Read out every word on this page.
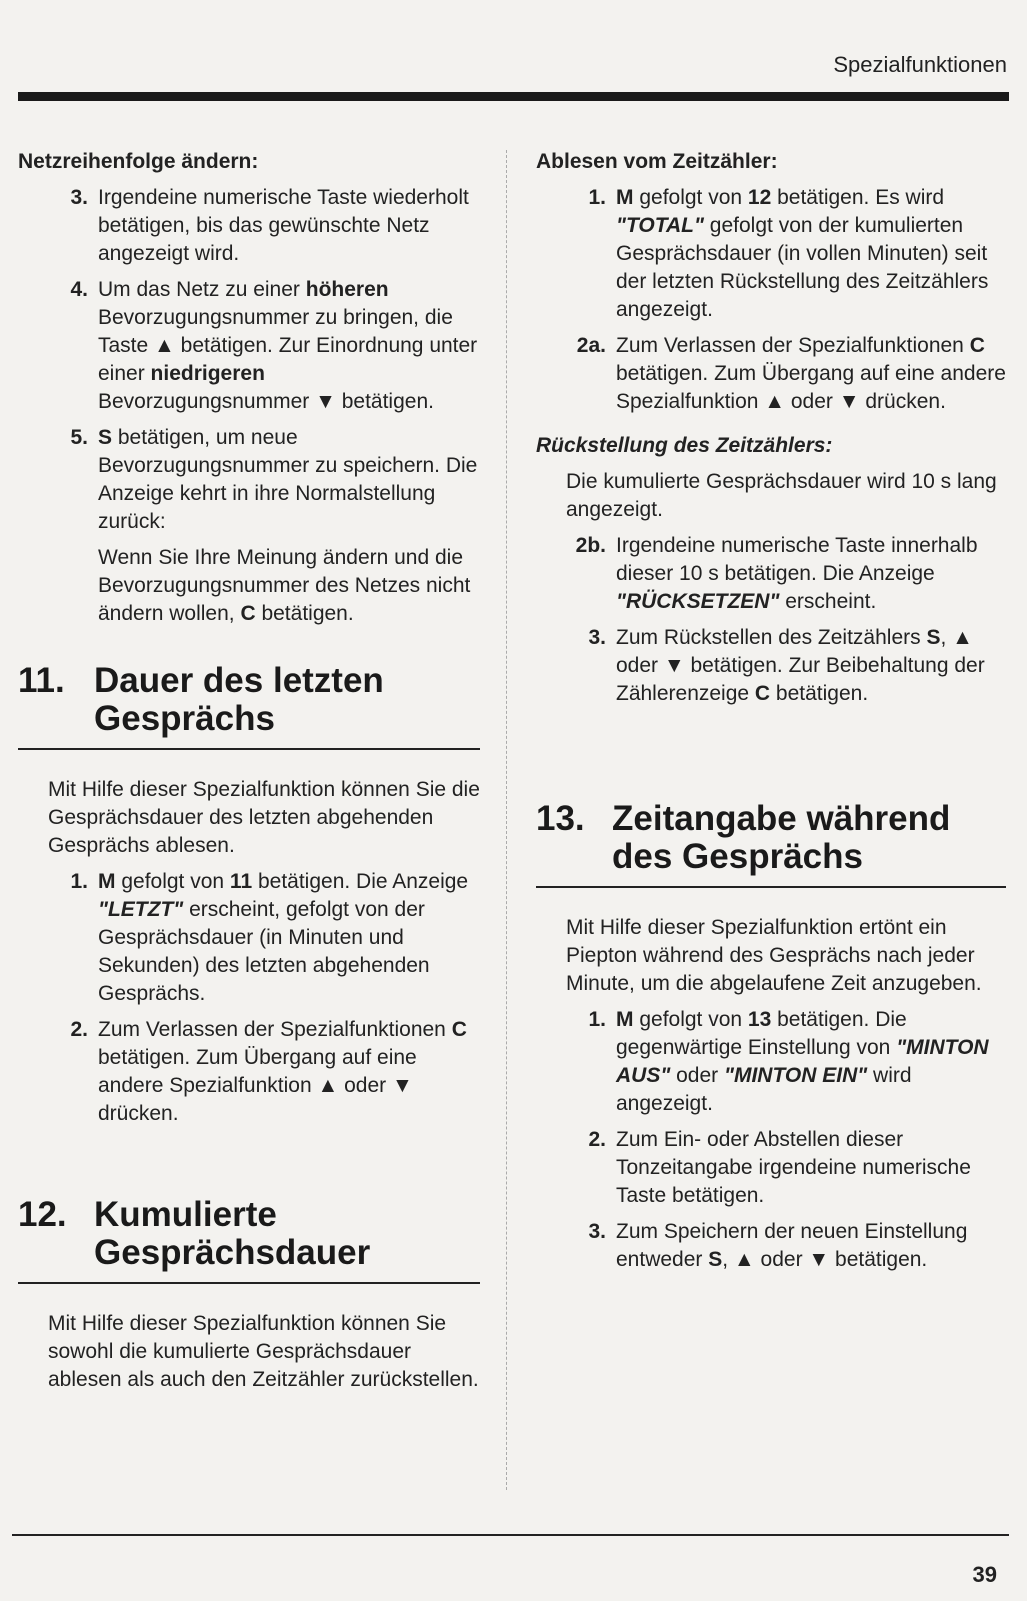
Spezialfunktionen

Netzreihenfolge ändern:

3. Irgendeine numerische Taste wiederholt betätigen, bis das gewünschte Netz angezeigt wird.
4. Um das Netz zu einer höheren Bevorzugungsnummer zu bringen, die Taste ▲ betätigen. Zur Einordnung unter einer niedrigeren Bevorzugungsnummer ▼ betätigen.
5. S betätigen, um neue Bevorzugungsnummer zu speichern. Die Anzeige kehrt in ihre Normalstellung zurück:
Wenn Sie Ihre Meinung ändern und die Bevorzugungsnummer des Netzes nicht ändern wollen, C betätigen.
11. Dauer des letzten Gesprächs

Mit Hilfe dieser Spezialfunktion können Sie die Gesprächsdauer des letzten abgehenden Gesprächs ablesen.

1. M gefolgt von 11 betätigen. Die Anzeige "LETZT" erscheint, gefolgt von der Gesprächsdauer (in Minuten und Sekunden) des letzten abgehenden Gesprächs.
2. Zum Verlassen der Spezialfunktionen C betätigen. Zum Übergang auf eine andere Spezialfunktion ▲ oder ▼ drücken.
12. Kumulierte Gesprächsdauer

Mit Hilfe dieser Spezialfunktion können Sie sowohl die kumulierte Gesprächsdauer ablesen als auch den Zeitzähler zurückstellen.

Ablesen vom Zeitzähler:

1. M gefolgt von 12 betätigen. Es wird "TOTAL" gefolgt von der kumulierten Gesprächsdauer (in vollen Minuten) seit der letzten Rückstellung des Zeitzählers angezeigt.
2a. Zum Verlassen der Spezialfunktionen C betätigen. Zum Übergang auf eine andere Spezialfunktion ▲ oder ▼ drücken.

Rückstellung des Zeitzählers:

Die kumulierte Gesprächsdauer wird 10 s lang angezeigt.

2b. Irgendeine numerische Taste innerhalb dieser 10 s betätigen. Die Anzeige "RÜCKSETZEN" erscheint.
3. Zum Rückstellen des Zeitzählers S, ▲ oder ▼ betätigen. Zur Beibehaltung der Zählerenzeige C betätigen.
13. Zeitangabe während des Gesprächs

Mit Hilfe dieser Spezialfunktion ertönt ein Piepton während des Gesprächs nach jeder Minute, um die abgelaufene Zeit anzugeben.

1. M gefolgt von 13 betätigen. Die gegenwärtige Einstellung von "MINTON AUS" oder "MINTON EIN" wird angezeigt.
2. Zum Ein- oder Abstellen dieser Tonzeitangabe irgendeine numerische Taste betätigen.
3. Zum Speichern der neuen Einstellung entweder S, ▲ oder ▼ betätigen.
39
